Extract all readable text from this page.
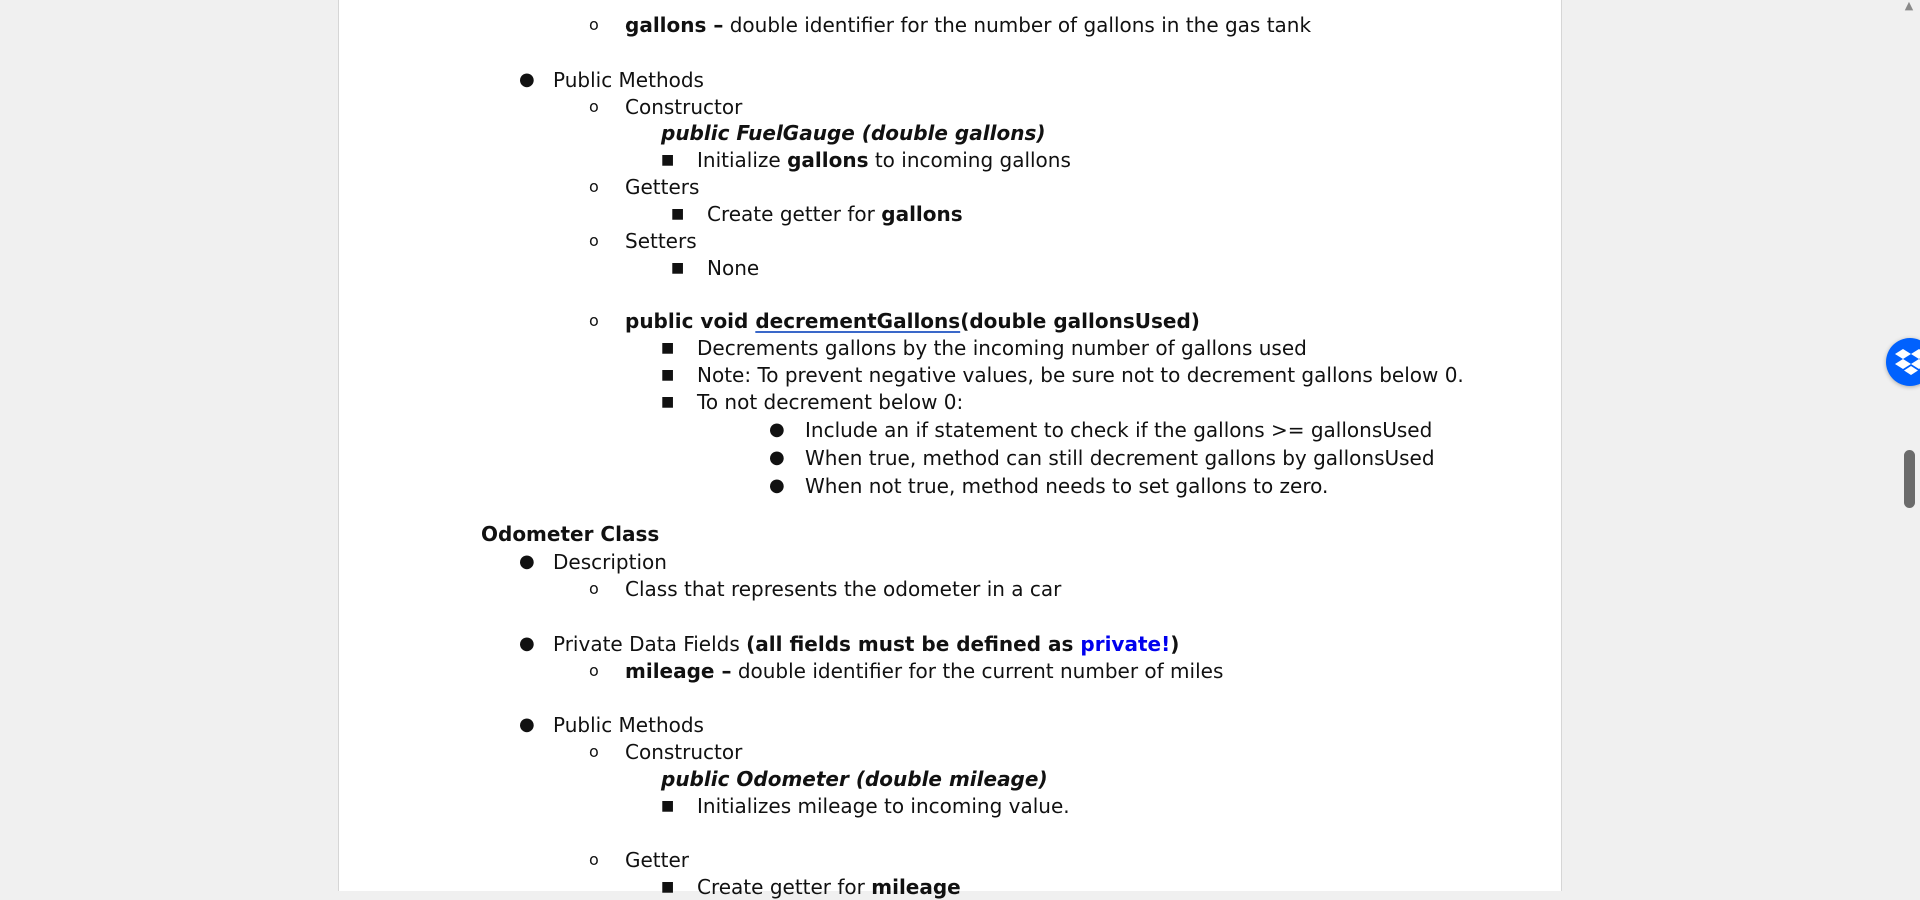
o gallons – double identifier for the number of gallons in the gas tank
● Public Methods
o Constructor
public FuelGauge (double gallons)
■ Initialize gallons to incoming gallons
o Getters
■ Create getter for gallons
o Setters
■ None
o public void decrementGallons(double gallonsUsed)
■ Decrements gallons by the incoming number of gallons used
■ Note: To prevent negative values, be sure not to decrement gallons below 0.
■ To not decrement below 0:
● Include an if statement to check if the gallons >= gallonsUsed
● When true, method can still decrement gallons by gallonsUsed
● When not true, method needs to set gallons to zero.
Odometer Class
● Description
o Class that represents the odometer in a car
● Private Data Fields (all fields must be defined as private!)
o mileage – double identifier for the current number of miles
● Public Methods
o Constructor
public Odometer (double mileage)
■ Initializes mileage to incoming value.
o Getter
■ Create getter for mileage
▲
